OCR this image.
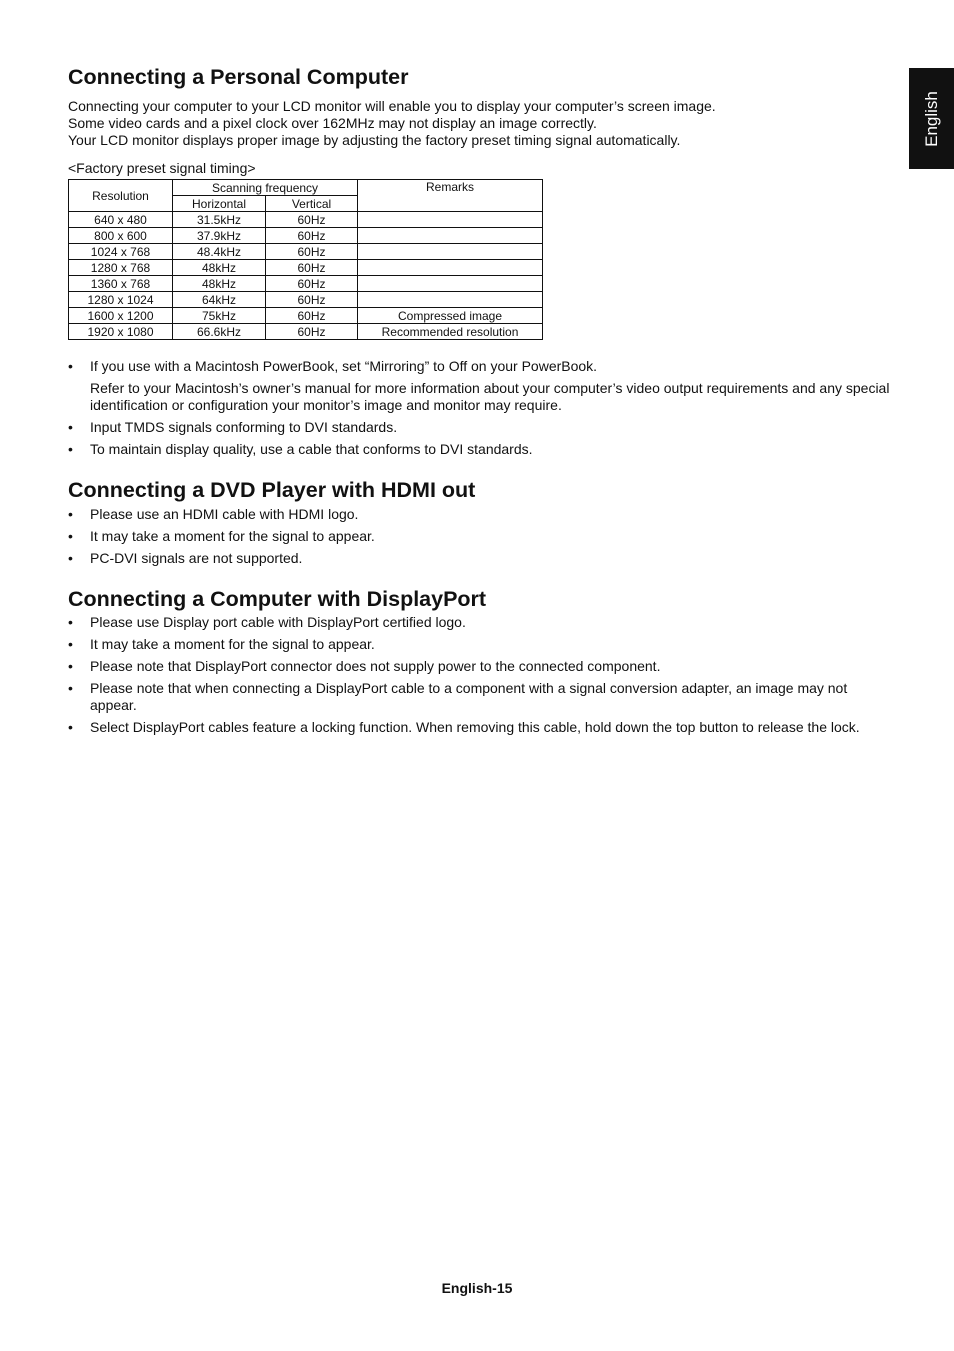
English
Connecting a Personal Computer

Connecting your computer to your LCD monitor will enable you to display your computer’s screen image.

Some video cards and a pixel clock over 162MHz may not display an image correctly.

Your LCD monitor displays proper image by adjusting the factory preset timing signal automatically.

<Factory preset signal timing>
Resolution	Scanning frequency		Remarks
	Horizontal	Vertical	
640 x 480	31.5kHz	60Hz	
800 x 600	37.9kHz	60Hz	
1024 x 768	48.4kHz	60Hz	
1280 x 768	48kHz	60Hz	
1360 x 768	48kHz	60Hz	
1280 x 1024	64kHz	60Hz	
1600 x 1200	75kHz	60Hz	Compressed image
1920 x 1080	66.6kHz	60Hz	Recommended resolution
• If you use with a Macintosh PowerBook, set “Mirroring” to Off on your PowerBook.
Refer to your Macintosh’s owner’s manual for more information about your computer’s video output requirements and any special identification or configuration your monitor’s image and monitor may require.
• Input TMDS signals conforming to DVI standards.
• To maintain display quality, use a cable that conforms to DVI standards.
Connecting a DVD Player with HDMI out
• Please use an HDMI cable with HDMI logo.
• It may take a moment for the signal to appear.
• PC-DVI signals are not supported.
Connecting a Computer with DisplayPort
• Please use Display port cable with DisplayPort certified logo.
• It may take a moment for the signal to appear.
• Please note that DisplayPort connector does not supply power to the connected component.
• Please note that when connecting a DisplayPort cable to a component with a signal conversion adapter, an image may not appear.
• Select DisplayPort cables feature a locking function. When removing this cable, hold down the top button to release the lock.
English-15
